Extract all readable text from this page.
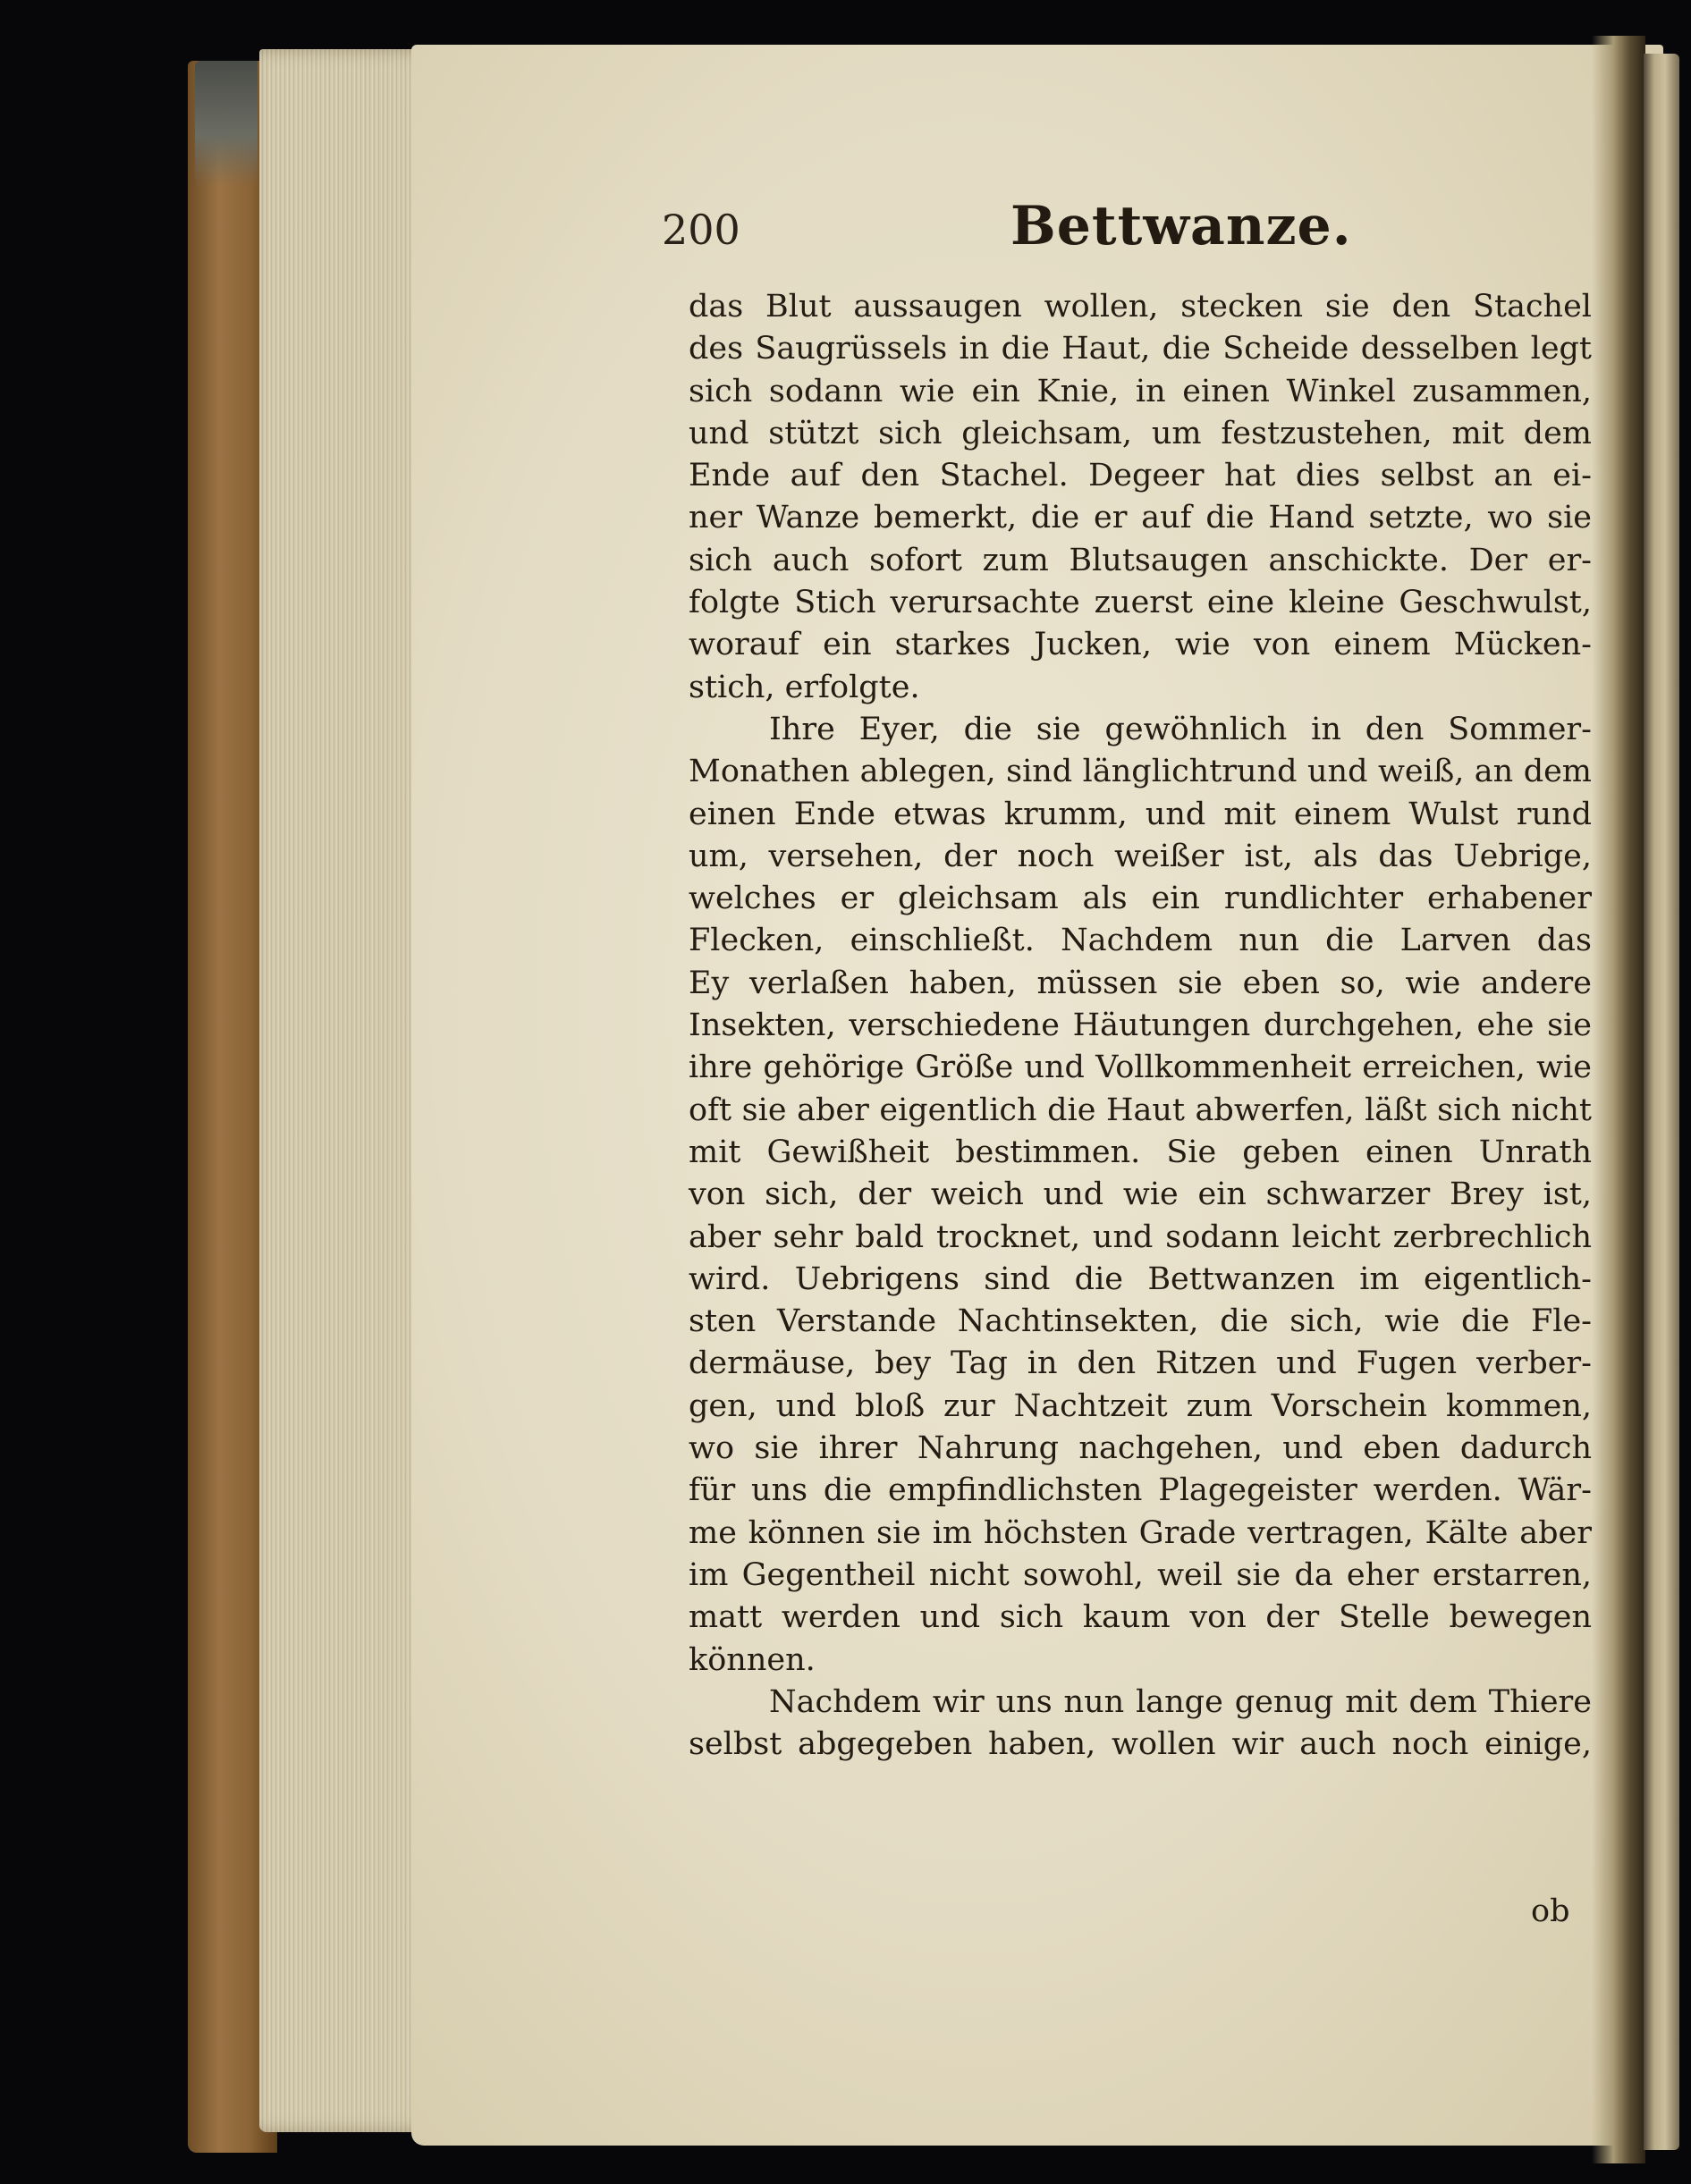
200	Bettwanze.
das Blut aussaugen wollen, stecken sie den Stachel
des Saugrüssels in die Haut, die Scheide desselben legt
sich sodann wie ein Knie, in einen Winkel zusammen,
und stützt sich gleichsam, um festzustehen, mit dem
Ende auf den Stachel. Degeer hat dies selbst an ei-
ner Wanze bemerkt, die er auf die Hand setzte, wo sie
sich auch sofort zum Blutsaugen anschickte. Der er-
folgte Stich verursachte zuerst eine kleine Geschwulst,
worauf ein starkes Jucken, wie von einem Mücken-
stich, erfolgte.
Ihre Eyer, die sie gewöhnlich in den Sommer-
Monathen ablegen, sind länglichtrund und weiß, an dem
einen Ende etwas krumm, und mit einem Wulst rund
um, versehen, der noch weißer ist, als das Uebrige,
welches er gleichsam als ein rundlichter erhabener
Flecken, einschließt. Nachdem nun die Larven das
Ey verlaßen haben, müssen sie eben so, wie andere
Insekten, verschiedene Häutungen durchgehen, ehe sie
ihre gehörige Größe und Vollkommenheit erreichen, wie
oft sie aber eigentlich die Haut abwerfen, läßt sich nicht
mit Gewißheit bestimmen. Sie geben einen Unrath
von sich, der weich und wie ein schwarzer Brey ist,
aber sehr bald trocknet, und sodann leicht zerbrechlich
wird. Uebrigens sind die Bettwanzen im eigentlich-
sten Verstande Nachtinsekten, die sich, wie die Fle-
dermäuse, bey Tag in den Ritzen und Fugen verber-
gen, und bloß zur Nachtzeit zum Vorschein kommen,
wo sie ihrer Nahrung nachgehen, und eben dadurch
für uns die empfindlichsten Plagegeister werden. Wär-
me können sie im höchsten Grade vertragen, Kälte aber
im Gegentheil nicht sowohl, weil sie da eher erstarren,
matt werden und sich kaum von der Stelle bewegen
können.
Nachdem wir uns nun lange genug mit dem Thiere
selbst abgegeben haben, wollen wir auch noch einige,
ob
